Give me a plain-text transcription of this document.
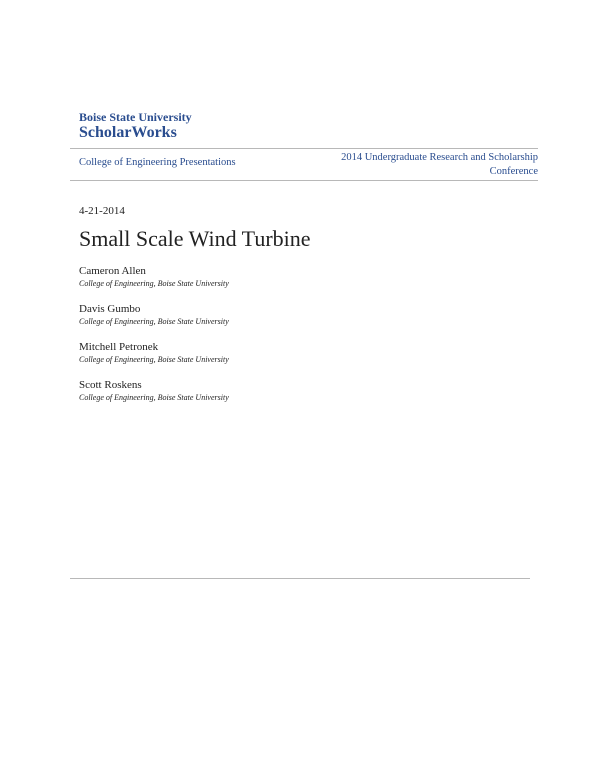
Boise State University
ScholarWorks
College of Engineering Presentations	2014 Undergraduate Research and Scholarship Conference
4-21-2014
Small Scale Wind Turbine
Cameron Allen
College of Engineering, Boise State University
Davis Gumbo
College of Engineering, Boise State University
Mitchell Petronek
College of Engineering, Boise State University
Scott Roskens
College of Engineering, Boise State University
